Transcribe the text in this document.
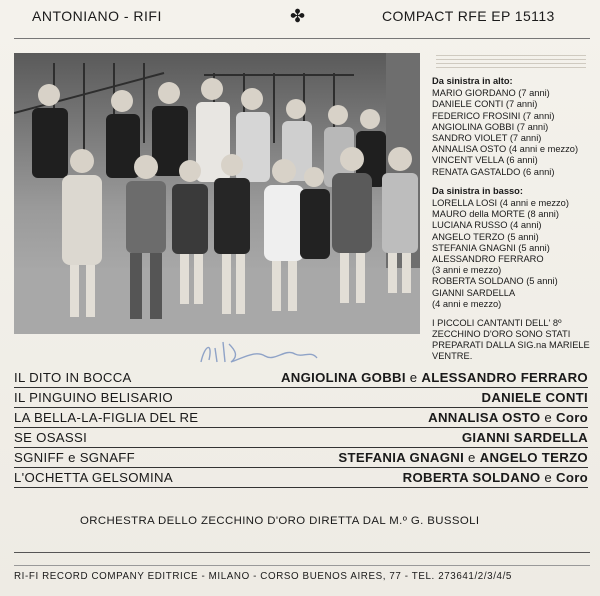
ANTONIANO - RIFI	✤	COMPACT RFE EP 15113
Da sinistra in alto:
MARIO GIORDANO (7 anni)
DANIELE CONTI (7 anni)
FEDERICO FROSINI (7 anni)
ANGIOLINA GOBBI (7 anni)
SANDRO VIOLET (7 anni)
ANNALISA OSTO (4 anni e mezzo)
VINCENT VELLA (6 anni)
RENATA GASTALDO (6 anni)
Da sinistra in basso:
LORELLA LOSI (4 anni e mezzo)
MAURO della MORTE (8 anni)
LUCIANA RUSSO (4 anni)
ANGELO TERZO (5 anni)
STEFANIA GNAGNI (5 anni)
ALESSANDRO FERRARO
(3 anni e mezzo)
ROBERTA SOLDANO (5 anni)
GIANNI SARDELLA
(4 anni e mezzo)
I PICCOLI CANTANTI DELL' 8º ZECCHINO D'ORO SONO STATI PREPARATI DALLA SIG.na MARIELE VENTRE.
IL DITO IN BOCCA	ANGIOLINA GOBBI e ALESSANDRO FERRARO
IL PINGUINO BELISARIO	DANIELE CONTI
LA BELLA-LA-FIGLIA DEL RE	ANNALISA OSTO e Coro
SE OSASSI	GIANNI SARDELLA
SGNIFF e SGNAFF	STEFANIA GNAGNI e ANGELO TERZO
L'OCHETTA GELSOMINA	ROBERTA SOLDANO e Coro
ORCHESTRA DELLO ZECCHINO D'ORO DIRETTA DAL M.º G. BUSSOLI
RI-FI RECORD COMPANY EDITRICE - MILANO - CORSO BUENOS AIRES, 77 - TEL. 273641/2/3/4/5
